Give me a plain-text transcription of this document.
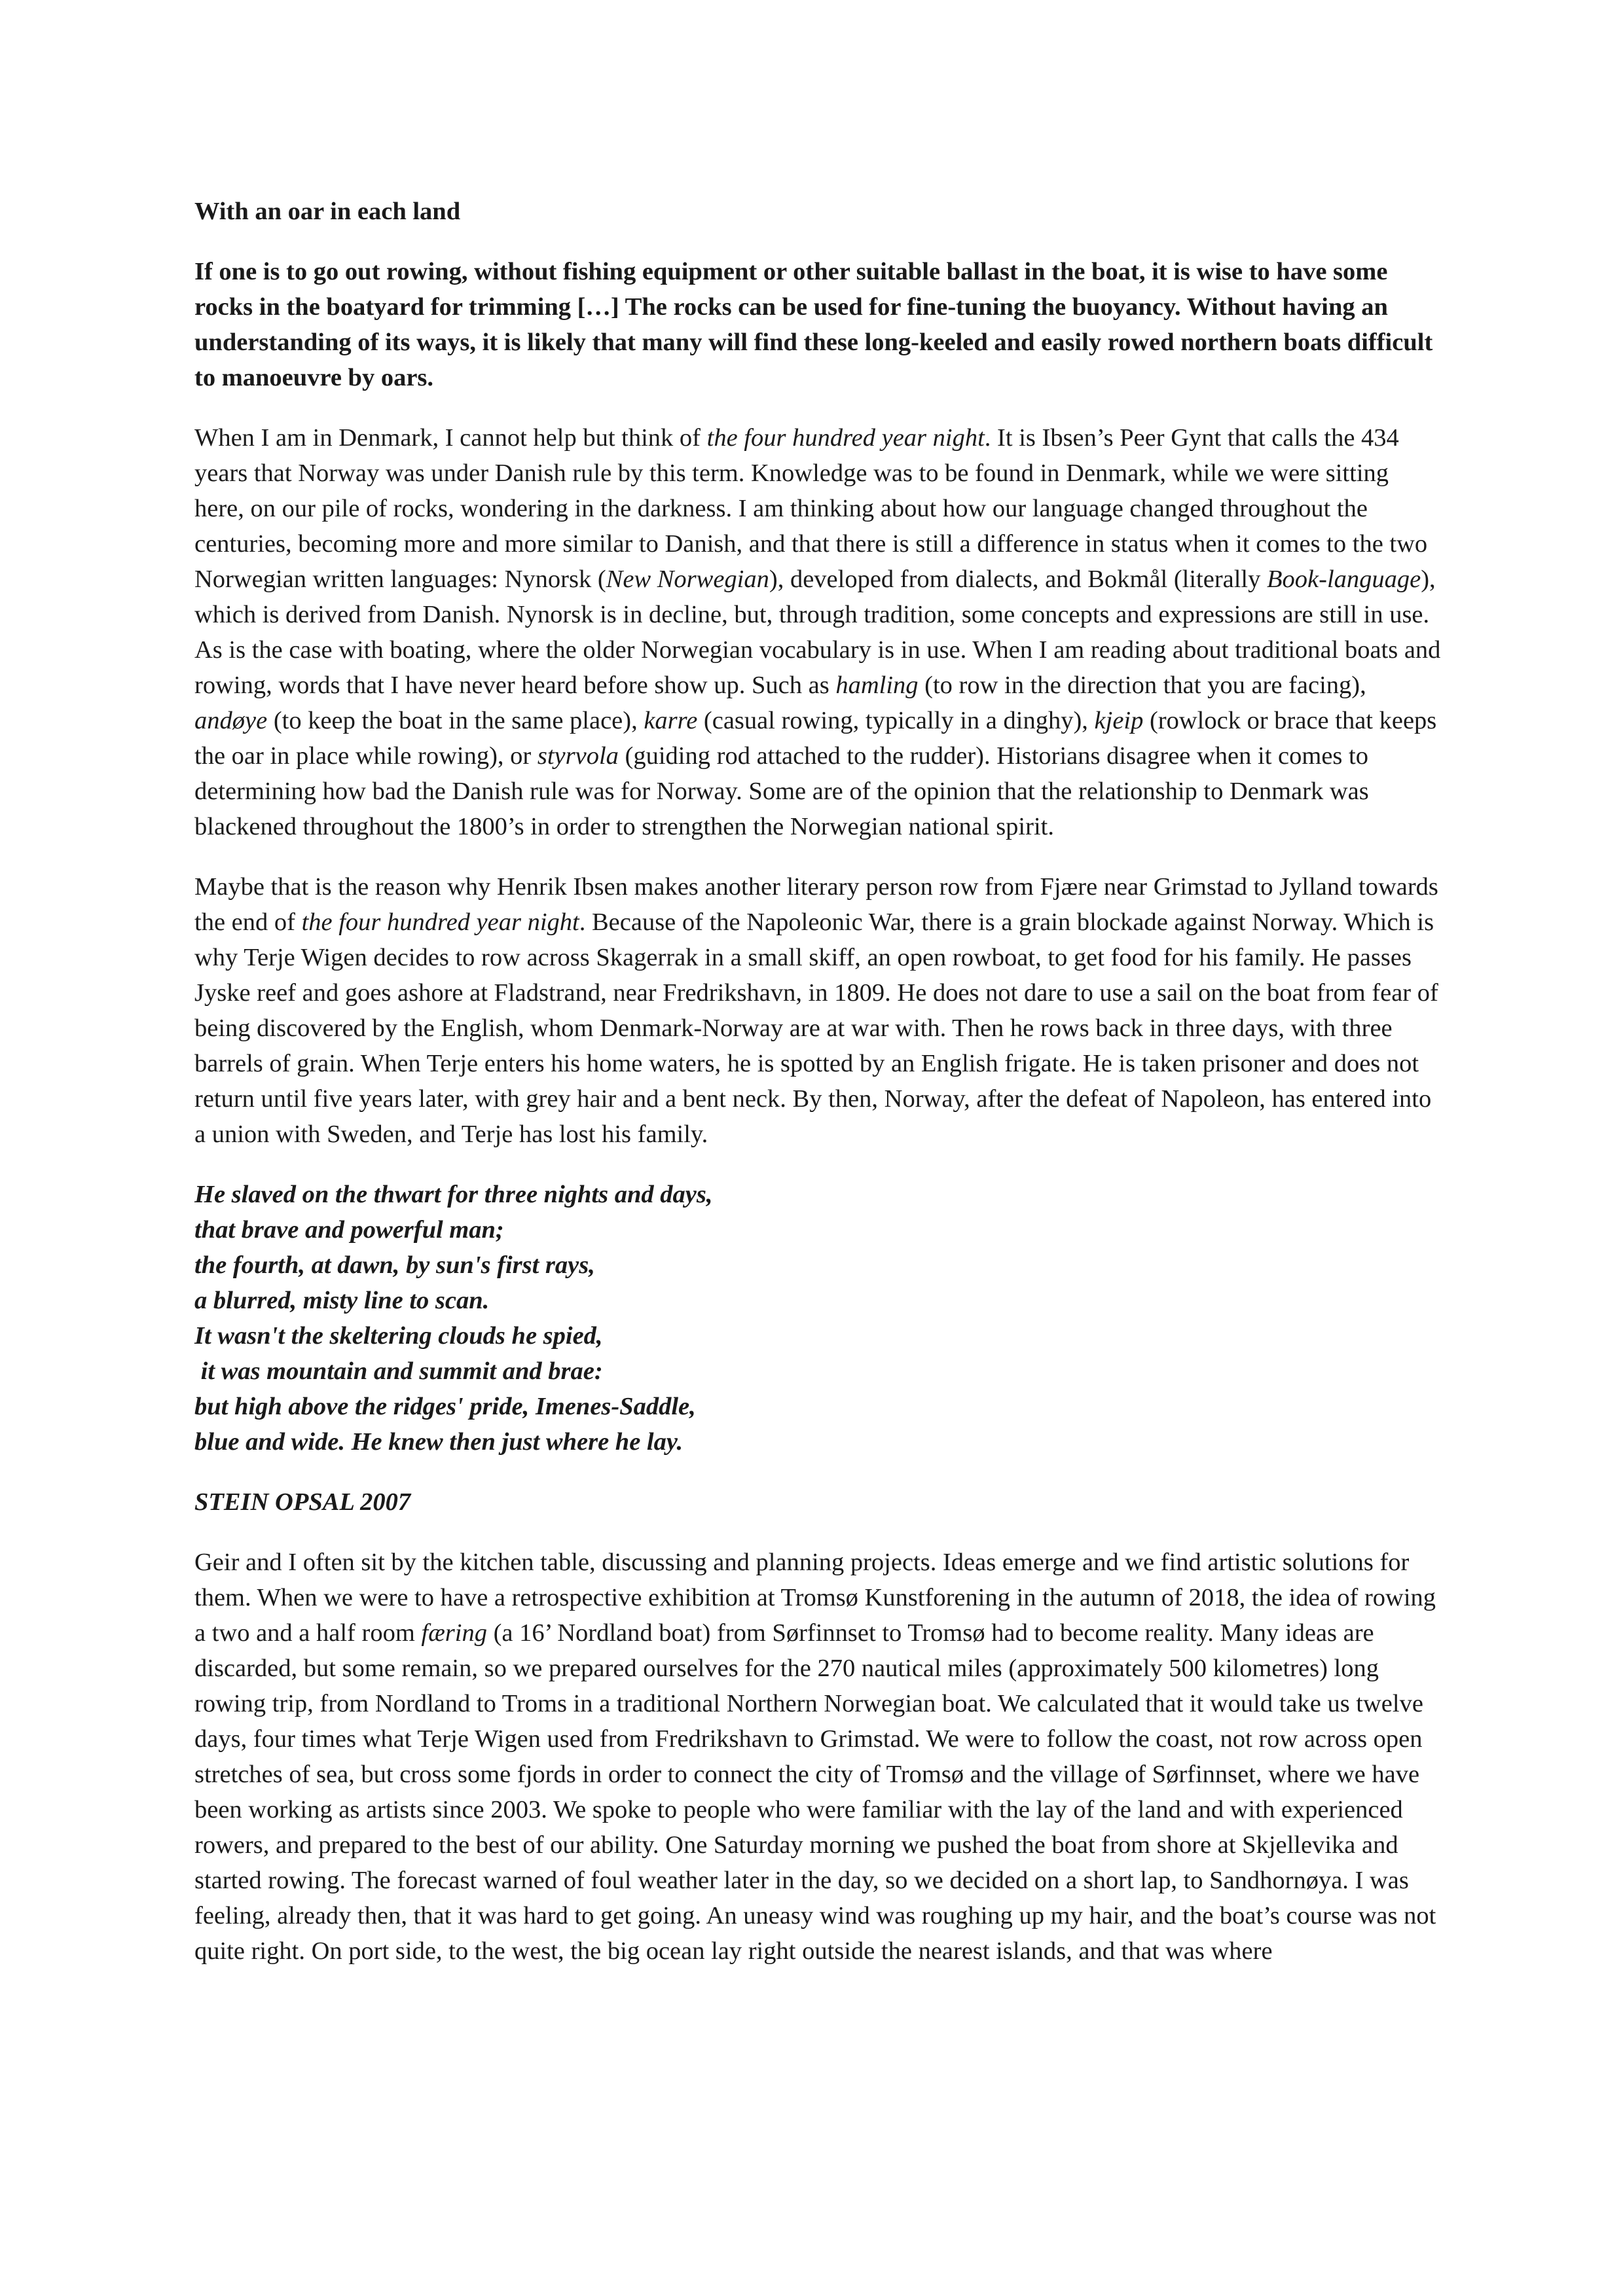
With an oar in each land
If one is to go out rowing, without fishing equipment or other suitable ballast in the boat, it is wise to have some rocks in the boatyard for trimming […] The rocks can be used for fine-tuning the buoyancy. Without having an understanding of its ways, it is likely that many will find these long-keeled and easily rowed northern boats difficult to manoeuvre by oars.

When I am in Denmark, I cannot help but think of the four hundred year night. It is Ibsen’s Peer Gynt that calls the 434 years that Norway was under Danish rule by this term. Knowledge was to be found in Denmark, while we were sitting here, on our pile of rocks, wondering in the darkness. I am thinking about how our language changed throughout the centuries, becoming more and more similar to Danish, and that there is still a difference in status when it comes to the two Norwegian written languages: Nynorsk (New Norwegian), developed from dialects, and Bokmål (literally Book-language), which is derived from Danish. Nynorsk is in decline, but, through tradition, some concepts and expressions are still in use. As is the case with boating, where the older Norwegian vocabulary is in use. When I am reading about traditional boats and rowing, words that I have never heard before show up. Such as hamling (to row in the direction that you are facing), andøye (to keep the boat in the same place), karre (casual rowing, typically in a dinghy), kjeip (rowlock or brace that keeps the oar in place while rowing), or styrvola (guiding rod attached to the rudder). Historians disagree when it comes to determining how bad the Danish rule was for Norway. Some are of the opinion that the relationship to Denmark was blackened throughout the 1800’s in order to strengthen the Norwegian national spirit.

Maybe that is the reason why Henrik Ibsen makes another literary person row from Fjære near Grimstad to Jylland towards the end of the four hundred year night. Because of the Napoleonic War, there is a grain blockade against Norway. Which is why Terje Wigen decides to row across Skagerrak in a small skiff, an open rowboat, to get food for his family. He passes Jyske reef and goes ashore at Fladstrand, near Fredrikshavn, in 1809. He does not dare to use a sail on the boat from fear of being discovered by the English, whom Denmark-Norway are at war with. Then he rows back in three days, with three barrels of grain. When Terje enters his home waters, he is spotted by an English frigate. He is taken prisoner and does not return until five years later, with grey hair and a bent neck. By then, Norway, after the defeat of Napoleon, has entered into a union with Sweden, and Terje has lost his family.

He slaved on the thwart for three nights and days,
that brave and powerful man;
the fourth, at dawn, by sun's first rays,
a blurred, misty line to scan.
It wasn't the skeltering clouds he spied,
it was mountain and summit and brae:
but high above the ridges' pride, Imenes-Saddle,
blue and wide. He knew then just where he lay.
STEIN OPSAL 2007

Geir and I often sit by the kitchen table, discussing and planning projects. Ideas emerge and we find artistic solutions for them. When we were to have a retrospective exhibition at Tromsø Kunstforening in the autumn of 2018, the idea of rowing a two and a half room færing (a 16’ Nordland boat) from Sørfinnset to Tromsø had to become reality. Many ideas are discarded, but some remain, so we prepared ourselves for the 270 nautical miles (approximately 500 kilometres) long rowing trip, from Nordland to Troms in a traditional Northern Norwegian boat. We calculated that it would take us twelve days, four times what Terje Wigen used from Fredrikshavn to Grimstad. We were to follow the coast, not row across open stretches of sea, but cross some fjords in order to connect the city of Tromsø and the village of Sørfinnset, where we have been working as artists since 2003. We spoke to people who were familiar with the lay of the land and with experienced rowers, and prepared to the best of our ability. One Saturday morning we pushed the boat from shore at Skjellevika and started rowing. The forecast warned of foul weather later in the day, so we decided on a short lap, to Sandhornøya. I was feeling, already then, that it was hard to get going. An uneasy wind was roughing up my hair, and the boat’s course was not quite right. On port side, to the west, the big ocean lay right outside the nearest islands, and that was where
